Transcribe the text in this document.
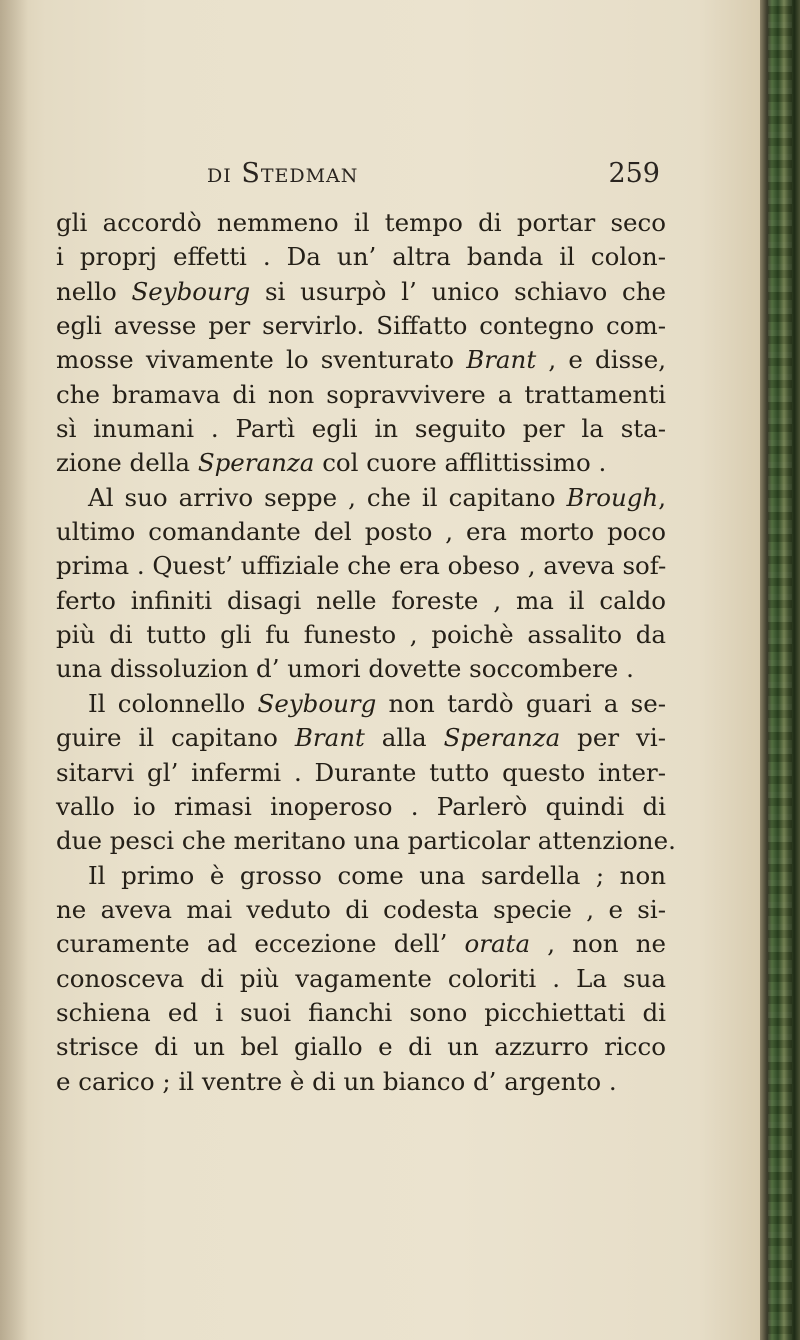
di Stedman	259
gli accordò nemmeno il tempo di portar seco
i proprj effetti . Da un’ altra banda il colon-
nello Seybourg si usurpò l’ unico schiavo che
egli avesse per servirlo. Siffatto contegno com-
mosse vivamente lo sventurato Brant , e disse,
che bramava di non sopravvivere a trattamenti
sì inumani . Partì egli in seguito per la sta-
zione della Speranza col cuore afflittissimo .
Al suo arrivo seppe , che il capitano Brough,
ultimo comandante del posto , era morto poco
prima . Quest’ uffiziale che era obeso , aveva sof-
ferto infiniti disagi nelle foreste , ma il caldo
più di tutto gli fu funesto , poichè assalito da
una dissoluzion d’ umori dovette soccombere .
Il colonnello Seybourg non tardò guari a se-
guire il capitano Brant alla Speranza per vi-
sitarvi gl’ infermi . Durante tutto questo inter-
vallo io rimasi inoperoso . Parlerò quindi di
due pesci che meritano una particolar attenzione.
Il primo è grosso come una sardella ; non
ne aveva mai veduto di codesta specie , e si-
curamente ad eccezione dell’ orata , non ne
conosceva di più vagamente coloriti . La sua
schiena ed i suoi fianchi sono picchiettati di
strisce di un bel giallo e di un azzurro ricco
e carico ; il ventre è di un bianco d’ argento .
